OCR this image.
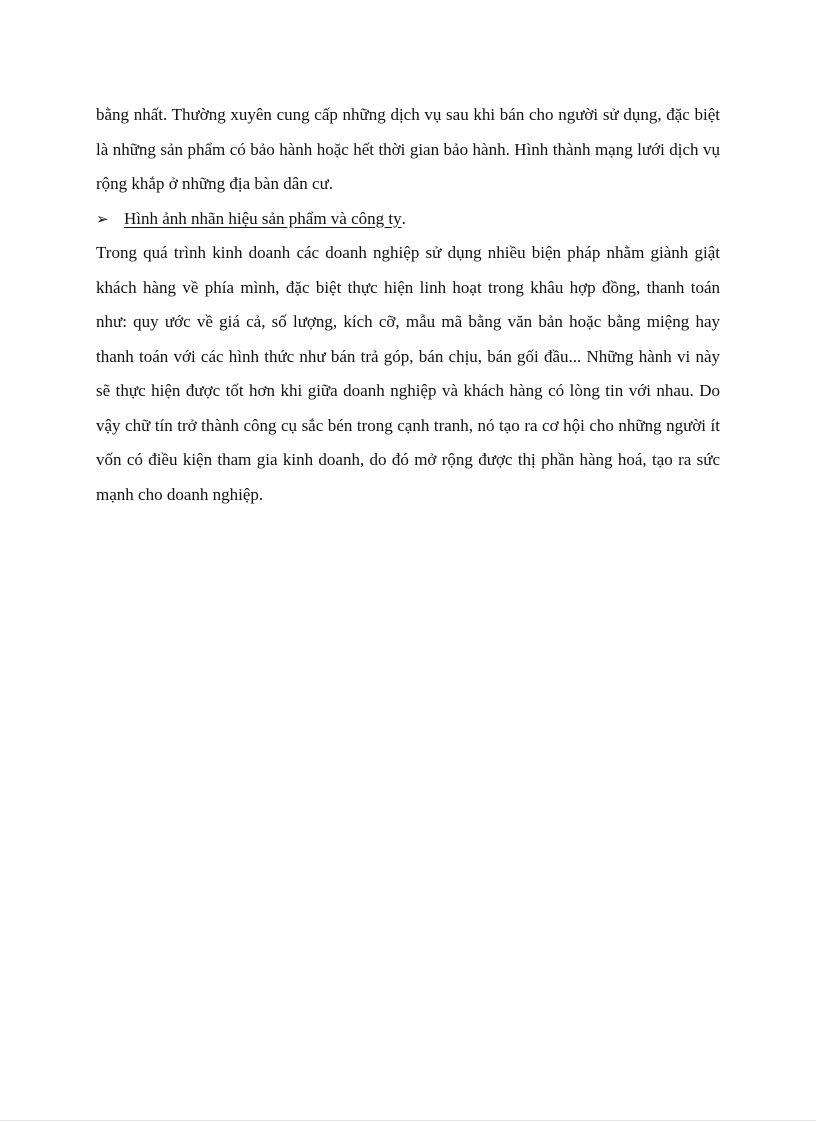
bằng nhất. Thường xuyên cung cấp những dịch vụ sau khi bán cho người sử dụng, đặc biệt là những sản phẩm có bảo hành hoặc hết thời gian bảo hành. Hình thành mạng lưới dịch vụ rộng khắp ở những địa bàn dân cư.

➢ Hình ảnh nhãn hiệu sản phẩm và công ty .

Trong quá trình kinh doanh các doanh nghiệp sử dụng nhiều biện pháp nhằm giành giật khách hàng về phía mình, đặc biệt thực hiện linh hoạt trong khâu hợp đồng, thanh toán như: quy ước về giá cả, số lượng, kích cỡ, mẫu mã bằng văn bản hoặc bằng miệng hay thanh toán với các hình thức như bán trả góp, bán chịu, bán gối đầu... Những hành vi này sẽ thực hiện được tốt hơn khi giữa doanh nghiệp và khách hàng có lòng tin với nhau. Do vậy chữ tín trở thành công cụ sắc bén trong cạnh tranh, nó tạo ra cơ hội cho những người ít vốn có điều kiện tham gia kinh doanh, do đó mở rộng được thị phần hàng hoá, tạo ra sức mạnh cho doanh nghiệp.
